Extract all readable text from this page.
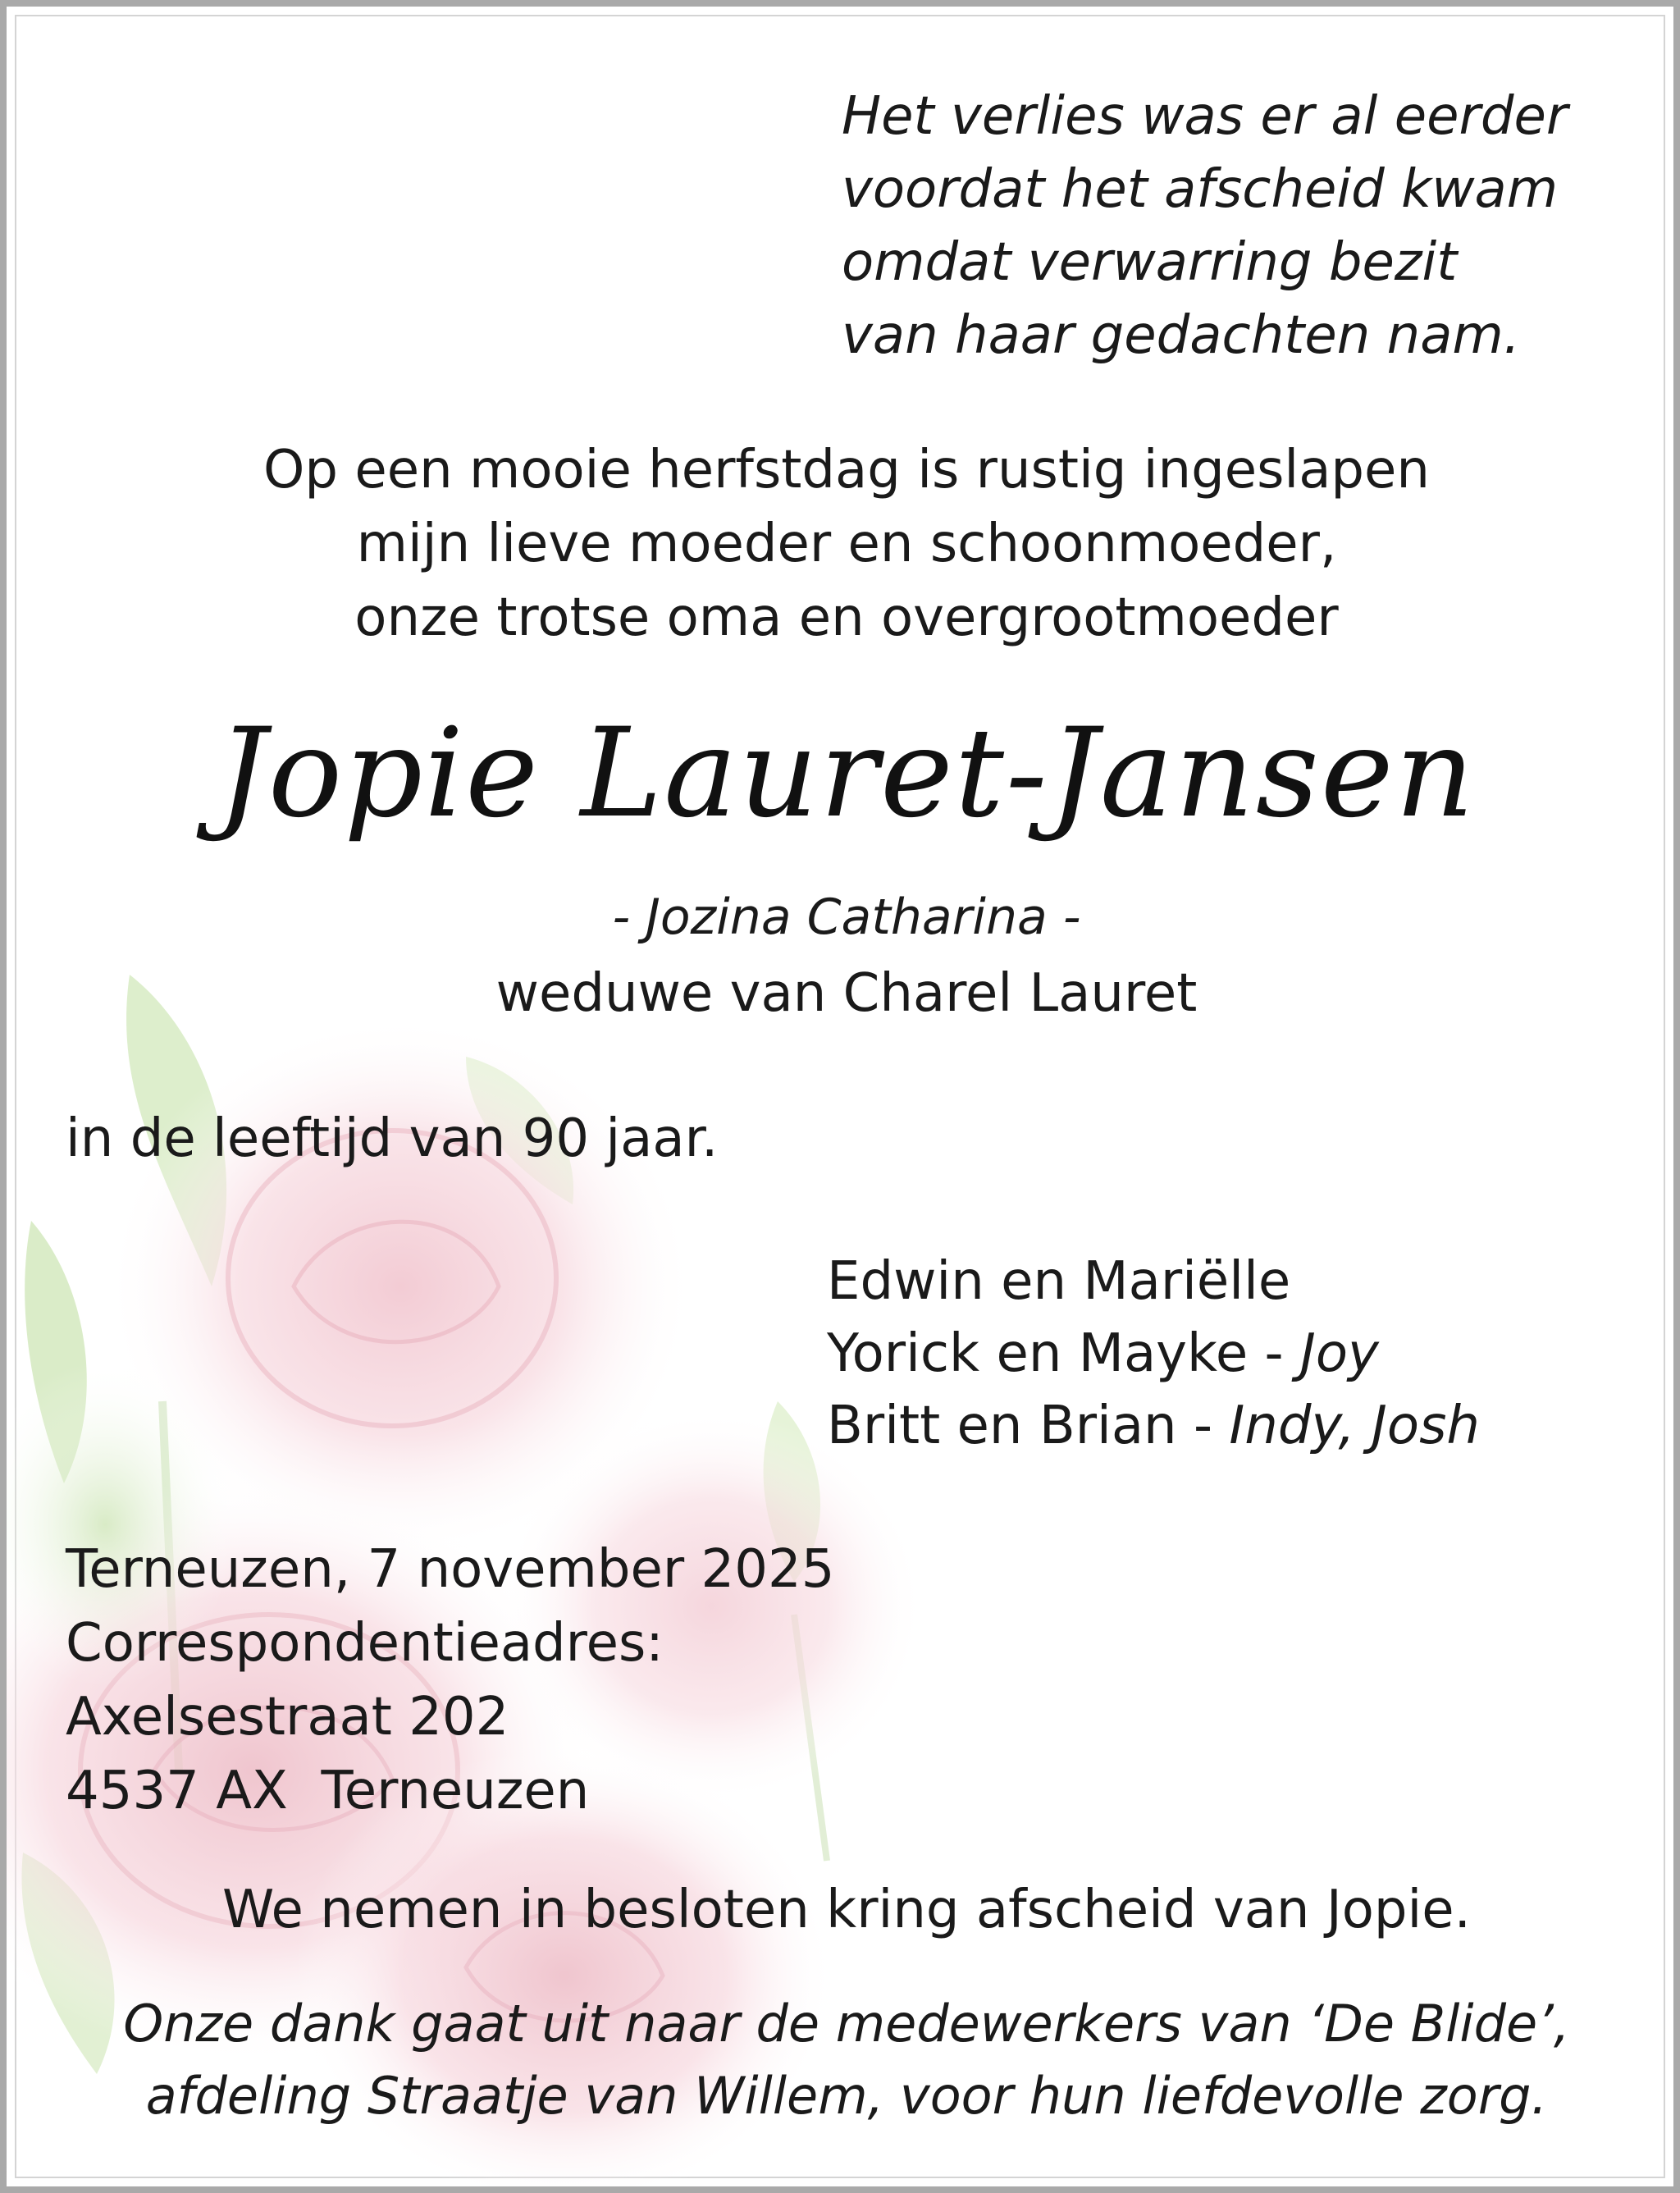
Het verlies was er al eerder
voordat het afscheid kwam
omdat verwarring bezit
van haar gedachten nam.
Op een mooie herfstdag is rustig ingeslapen
mijn lieve moeder en schoonmoeder,
onze trotse oma en overgrootmoeder
Jopie Lauret-Jansen
- Jozina Catharina -
weduwe van Charel Lauret
in de leeftijd van 90 jaar.
Edwin en Mariëlle
Yorick en Mayke - Joy
Britt en Brian - Indy, Josh
Terneuzen, 7 november 2025
Correspondentieadres:
Axelsestraat 202
4537 AX  Terneuzen
We nemen in besloten kring afscheid van Jopie.
Onze dank gaat uit naar de medewerkers van ‘De Blide’,
afdeling Straatje van Willem, voor hun liefdevolle zorg.
